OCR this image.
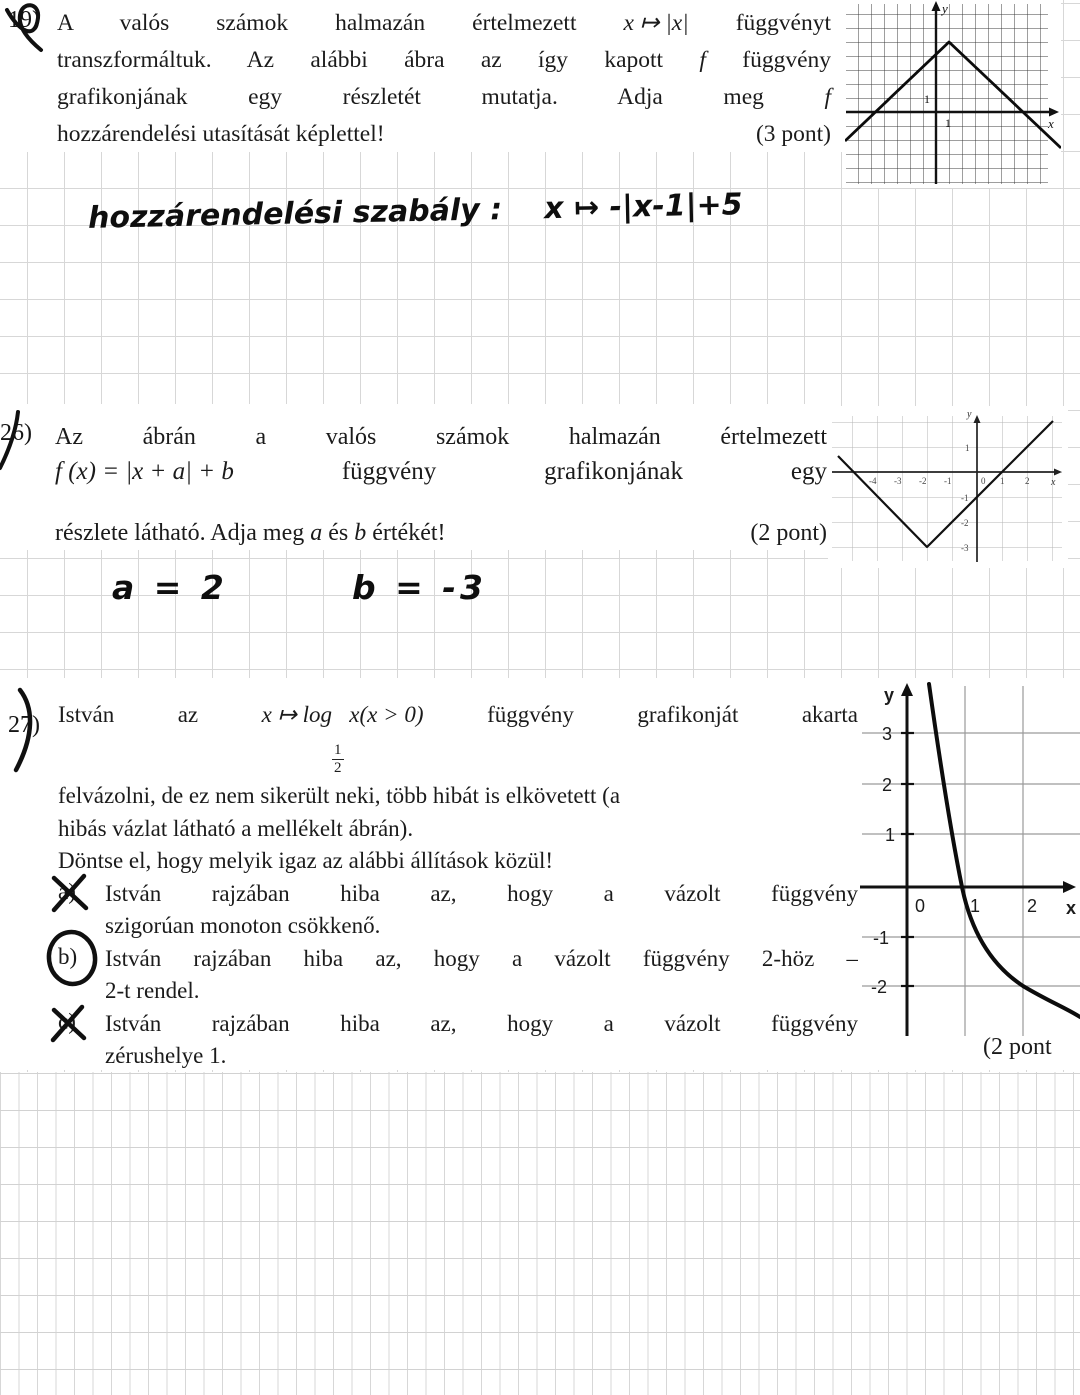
19) A valós számok halmazán értelmezett x ↦ |x| függvényt
transzformáltuk. Az alábbi ábra az így kapott f függvény
grafikonjának egy részletét mutatja. Adja meg	f
hozzárendelési utasítását képlettel!	(3 pont)
y
x
1
1
hozzárendelési szabály : x ↦ -|x-1|+5
26) Az ábrán a valós számok halmazán értelmezett
f (x) = |x + a| + b	függvény	grafikonjának	egy
részlete látható. Adja meg a és b értékét!	(2 pont)
y
x
-4 -3 -2 -1	0 1 2
1
-1
-2
-3
a = 2	b = -3
27) István az	x ↦ log
$\frac{1}{2}$
x(x > 0)	függvény grafikonját akarta
felvázolni, de ez nem sikerült neki, több hibát is elkövetett (a
hibás vázlat látható a mellékelt ábrán).
Döntse el, hogy melyik igaz az alábbi állítások közül!
a)	István rajzában hiba az, hogy a vázolt függvény
szigorúan monoton csökkenő.
b)	István rajzában hiba az, hogy a vázolt függvény 2-höz –
2-t rendel.
c)	István rajzában hiba az, hogy a vázolt függvény
zérushelye 1.
y
3
2
1
-1
-2
0 1	2 x
(2 pont
